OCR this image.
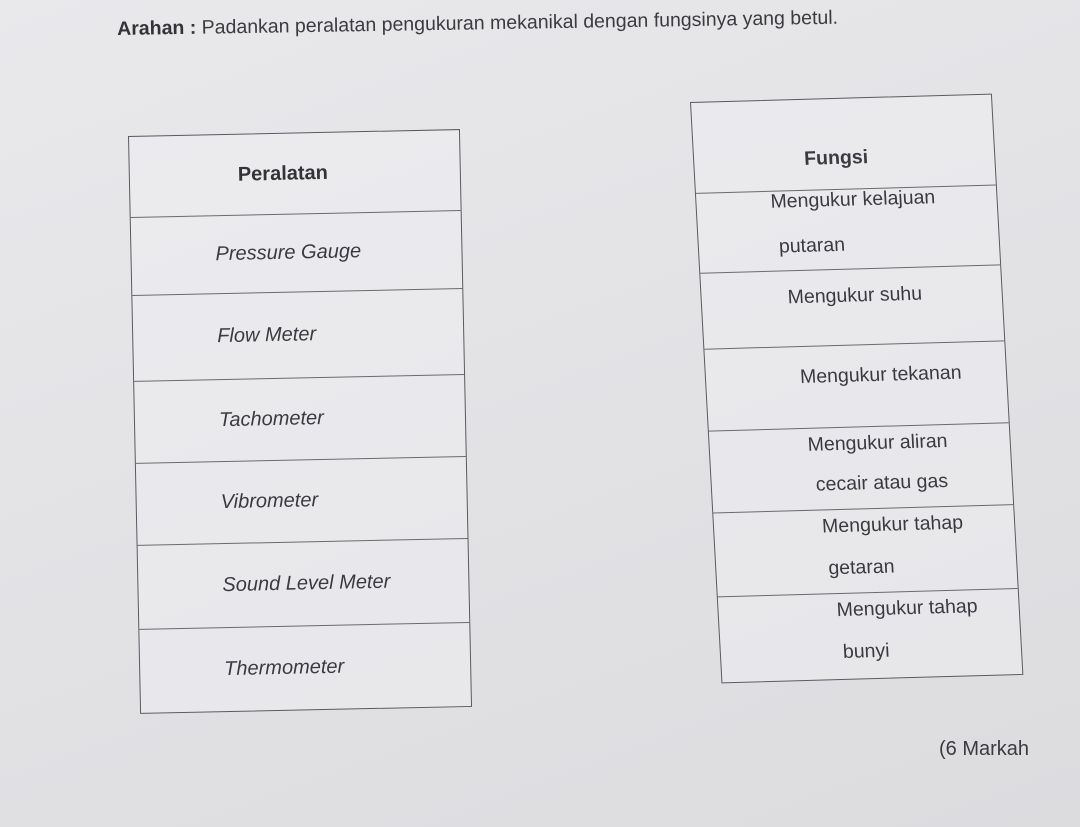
Arahan : Padankan peralatan pengukuran mekanikal dengan fungsinya yang betul.
Peralatan
Pressure Gauge
Flow Meter
Tachometer
Vibrometer
Sound Level Meter
Thermometer
Fungsi
Mengukur kelajuan
putaran
Mengukur suhu
Mengukur tekanan
Mengukur aliran
cecair atau gas
Mengukur tahap
getaran
Mengukur tahap
bunyi
(6 Markah
